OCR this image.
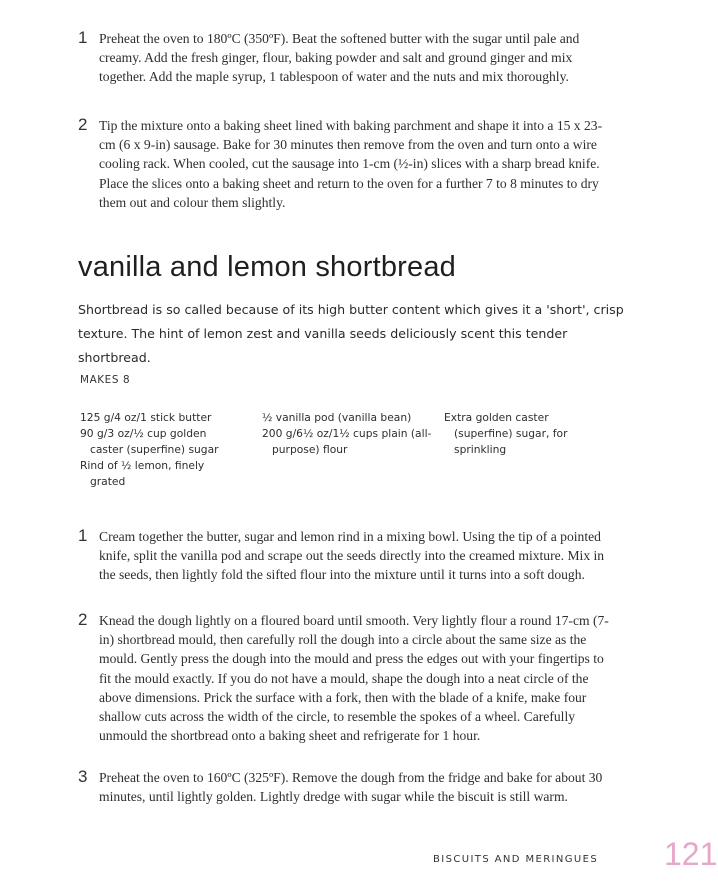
1 Preheat the oven to 180ºC (350ºF). Beat the softened butter with the sugar until pale and creamy. Add the fresh ginger, flour, baking powder and salt and ground ginger and mix together. Add the maple syrup, 1 tablespoon of water and the nuts and mix thoroughly.
2 Tip the mixture onto a baking sheet lined with baking parchment and shape it into a 15 x 23-cm (6 x 9-in) sausage. Bake for 30 minutes then remove from the oven and turn onto a wire cooling rack. When cooled, cut the sausage into 1-cm (½-in) slices with a sharp bread knife. Place the slices onto a baking sheet and return to the oven for a further 7 to 8 minutes to dry them out and colour them slightly.
vanilla and lemon shortbread
Shortbread is so called because of its high butter content which gives it a 'short', crisp texture. The hint of lemon zest and vanilla seeds deliciously scent this tender shortbread.
MAKES 8
125 g/4 oz/1 stick butter
90 g/3 oz/½ cup golden caster (superfine) sugar
Rind of ½ lemon, finely grated
½ vanilla pod (vanilla bean)
200 g/6½ oz/1½ cups plain (all-purpose) flour
Extra golden caster (superfine) sugar, for sprinkling
1 Cream together the butter, sugar and lemon rind in a mixing bowl. Using the tip of a pointed knife, split the vanilla pod and scrape out the seeds directly into the creamed mixture. Mix in the seeds, then lightly fold the sifted flour into the mixture until it turns into a soft dough.
2 Knead the dough lightly on a floured board until smooth. Very lightly flour a round 17-cm (7-in) shortbread mould, then carefully roll the dough into a circle about the same size as the mould. Gently press the dough into the mould and press the edges out with your fingertips to fit the mould exactly. If you do not have a mould, shape the dough into a neat circle of the above dimensions. Prick the surface with a fork, then with the blade of a knife, make four shallow cuts across the width of the circle, to resemble the spokes of a wheel. Carefully unmould the shortbread onto a baking sheet and refrigerate for 1 hour.
3 Preheat the oven to 160ºC (325ºF). Remove the dough from the fridge and bake for about 30 minutes, until lightly golden. Lightly dredge with sugar while the biscuit is still warm.
BISCUITS AND MERINGUES 121
